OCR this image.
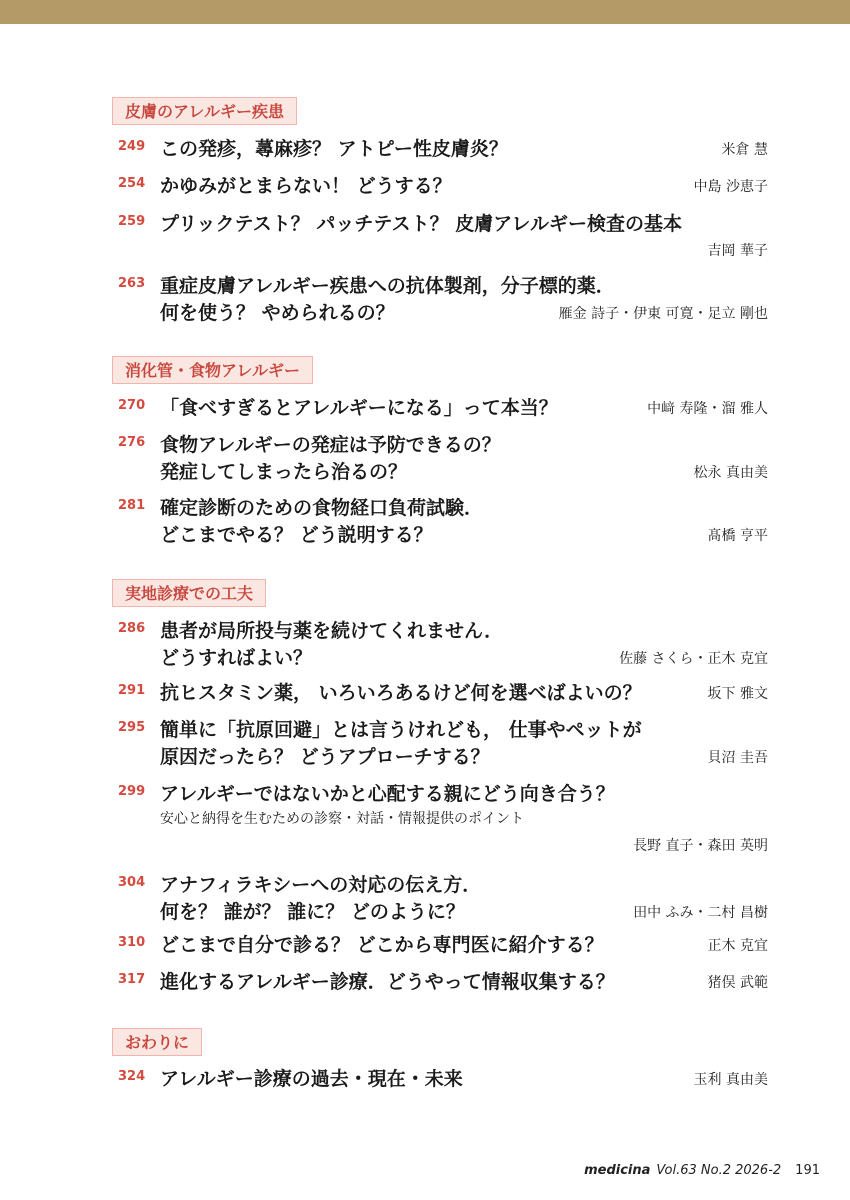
皮膚のアレルギー疾患
249 この発疹，蕁麻疹？ アトピー性皮膚炎？	米倉 慧
254 かゆみがとまらない！ どうする？	中島 沙恵子
259 プリックテスト？ パッチテスト？ 皮膚アレルギー検査の基本
吉岡 華子
263 重症皮膚アレルギー疾患への抗体製剤，分子標的薬．
何を使う？ やめられるの？	雁金 詩子・伊東 可寛・足立 剛也
消化管・食物アレルギー
270 「食べすぎるとアレルギーになる」って本当？	中﨑 寿隆・溜 雅人
276 食物アレルギーの発症は予防できるの？
発症してしまったら治るの？	松永 真由美
281 確定診断のための食物経口負荷試験．
どこまでやる？ どう説明する？	髙橋 亨平
実地診療での工夫
286 患者が局所投与薬を続けてくれません．
どうすればよい？	佐藤 さくら・正木 克宜
291 抗ヒスタミン薬， いろいろあるけど何を選べばよいの？	坂下 雅文
295 簡単に「抗原回避」とは言うけれども， 仕事やペットが
原因だったら？ どうアプローチする？	貝沼 圭吾
299 アレルギーではないかと心配する親にどう向き合う？
安心と納得を生むための診察・対話・情報提供のポイント
長野 直子・森田 英明
304 アナフィラキシーへの対応の伝え方．
何を？ 誰が？ 誰に？ どのように？	田中 ふみ・二村 昌樹
310 どこまで自分で診る？ どこから専門医に紹介する？	正木 克宜
317 進化するアレルギー診療．どうやって情報収集する？	猪俣 武範
おわりに
324 アレルギー診療の過去・現在・未来	玉利 真由美
medicina Vol.63 No.2 2026-2 191
